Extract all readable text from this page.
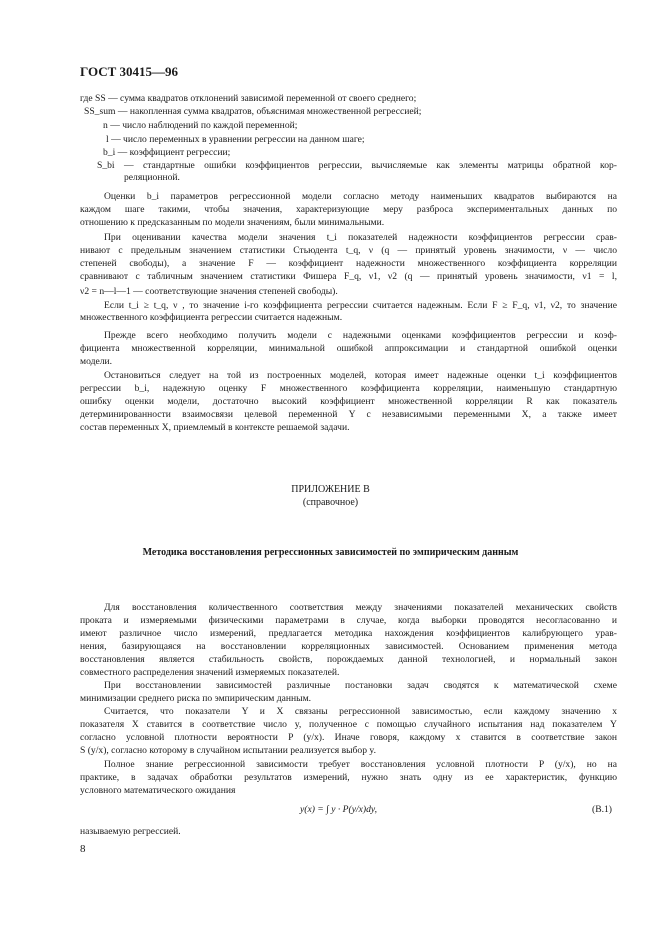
ГОСТ 30415—96
где SS — сумма квадратов отклонений зависимой переменной от своего среднего;
SS_sum — накопленная сумма квадратов, объяснимая множественной регрессией;
n — число наблюдений по каждой переменной;
l — число переменных в уравнении регрессии на данном шаге;
b_i — коэффициент регрессии;
S_bi — стандартные ошибки коэффициентов регрессии, вычисляемые как элементы матрицы обратной кор-
реляционной.
Оценки b_i параметров регрессионной модели согласно методу наименьших квадратов выбираются на
каждом шаге такими, чтобы значения, характеризующие меру разброса экспериментальных данных по
отношению к предсказанным по модели значениям, были минимальными.
При оценивании качества модели значения t_i показателей надежности коэффициентов регрессии срав-
нивают с предельным значением статистики Стьюдента t_q, ν (q — принятый уровень значимости, ν — число
степеней свободы), а значение F — коэффициент надежности множественного коэффициента корреляции
сравнивают с табличным значением статистики Фишера F_q, ν1, ν2 (q — принятый уровень значимости, ν1 = l,
ν2 = n—l—1 — соответствующие значения степеней свободы).
Если t_i ≥ t_q, ν , то значение i-го коэффициента регрессии считается надежным. Если F ≥ F_q, ν1, ν2, то значение
множественного коэффициента регрессии считается надежным.
Прежде всего необходимо получить модели с надежными оценками коэффициентов регрессии и коэф-
фициента множественной корреляции, минимальной ошибкой аппроксимации и стандартной ошибкой оценки
модели.
Остановиться следует на той из построенных моделей, которая имеет надежные оценки t_i коэффициентов
регрессии b_i, надежную оценку F множественного коэффициента корреляции, наименьшую стандартную
ошибку оценки модели, достаточно высокий коэффициент множественной корреляции R как показатель
детерминированности взаимосвязи целевой переменной Y с независимыми переменными X, а также имеет
состав переменных X, приемлемый в контексте решаемой задачи.
ПРИЛОЖЕНИЕ В
(справочное)
Методика восстановления регрессионных зависимостей по эмпирическим данным
Для восстановления количественного соответствия между значениями показателей механических свойств
проката и измеряемыми физическими параметрами в случае, когда выборки проводятся несогласованно и
имеют различное число измерений, предлагается методика нахождения коэффициентов калибрующего урав-
нения, базирующаяся на восстановлении корреляционных зависимостей. Основанием применения метода
восстановления является стабильность свойств, порождаемых данной технологией, и нормальный закон
совместного распределения значений измеряемых показателей.
При восстановлении зависимостей различные постановки задач сводятся к математической схеме
минимизации среднего риска по эмпирическим данным.
Считается, что показатели Y и X связаны регрессионной зависимостью, если каждому значению x
показателя X ставится в соответствие число y, полученное с помощью случайного испытания над показателем Y
согласно условной плотности вероятности P (y/x). Иначе говоря, каждому x ставится в соответствие закон
S (y/x), согласно которому в случайном испытании реализуется выбор y.
Полное знание регрессионной зависимости требует восстановления условной плотности P (y/x), но на
практике, в задачах обработки результатов измерений, нужно знать одну из ее характеристик, функцию
условного математического ожидания
y(x) = ∫ y · P(y/x)dy,	(В.1)
называемую регрессией.
8
